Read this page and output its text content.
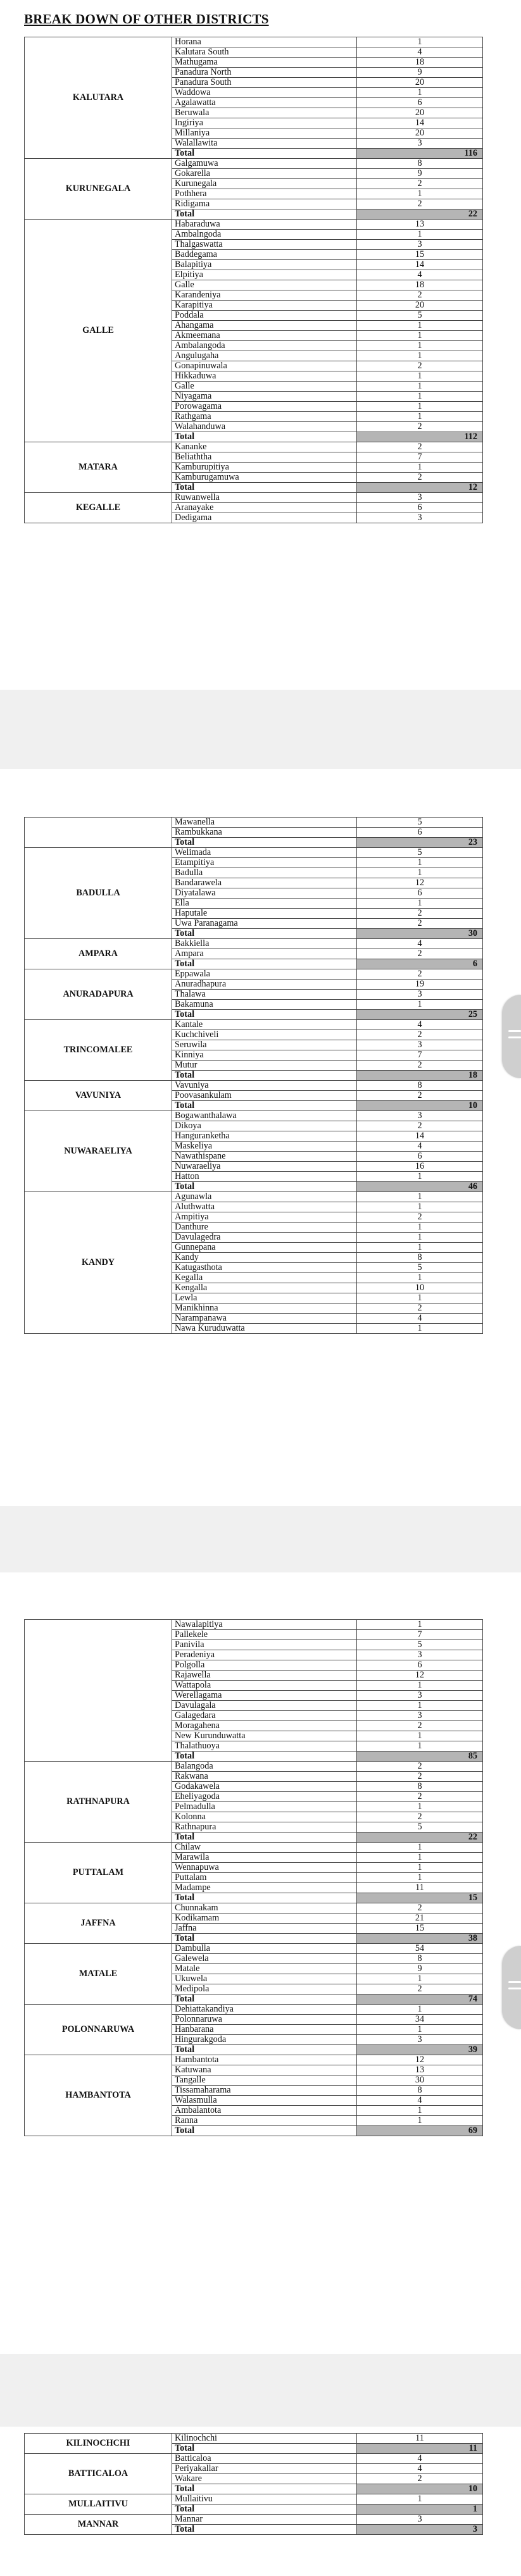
BREAK DOWN OF OTHER DISTRICTS
KALUTARA	Horana	1
	Kalutara South	4
	Mathugama	18
	Panadura North	9
	Panadura South	20
	Waddowa	1
	Agalawatta	6
	Beruwala	20
	Ingiriya	14
	Millaniya	20
	Walallawita	3
	Total	116
KURUNEGALA	Galgamuwa	8
	Gokarella	9
	Kurunegala	2
	Pothhera	1
	Ridigama	2
	Total	22
GALLE	Habaraduwa	13
	Ambalngoda	1
	Thalgaswatta	3
	Baddegama	15
	Balapitiya	14
	Elpitiya	4
	Galle	18
	Karandeniya	2
	Karapitiya	20
	Poddala	5
	Ahangama	1
	Akmeemana	1
	Ambalangoda	1
	Angulugaha	1
	Gonapinuwala	2
	Hikkaduwa	1
	Galle	1
	Niyagama	1
	Porowagama	1
	Rathgama	1
	Walahanduwa	2
	Total	112
MATARA	Kananke	2
	Beliaththa	7
	Kamburupitiya	1
	Kamburugamuwa	2
	Total	12
KEGALLE	Ruwanwella	3
	Aranayake	6
	Dedigama	3
	Mawanella	5
	Rambukkana	6
	Total	23
BADULLA	Welimada	5
	Etampitiya	1
	Badulla	1
	Bandarawela	12
	Diyatalawa	6
	Ella	1
	Haputale	2
	Uwa Paranagama	2
	Total	30
AMPARA	Bakkiella	4
	Ampara	2
	Total	6
ANURADAPURA	Eppawala	2
	Anuradhapura	19
	Thalawa	3
	Bakamuna	1
	Total	25
TRINCOMALEE	Kantale	4
	Kuchchiveli	2
	Seruwila	3
	Kinniya	7
	Mutur	2
	Total	18
VAVUNIYA	Vavuniya	8
	Poovasankulam	2
	Total	10
NUWARAELIYA	Bogawanthalawa	3
	Dikoya	2
	Hanguranketha	14
	Maskeliya	4
	Nawathispane	6
	Nuwaraeliya	16
	Hatton	1
	Total	46
KANDY	Agunawla	1
	Aluthwatta	1
	Ampitiya	2
	Danthure	1
	Davulagedra	1
	Gunnepana	1
	Kandy	8
	Katugasthota	5
	Kegalla	1
	Kengalla	10
	Lewla	1
	Manikhinna	2
	Narampanawa	4
	Nawa Kuruduwatta	1
	Nawalapitiya	1
	Pallekele	7
	Panivila	5
	Peradeniya	3
	Polgolla	6
	Rajawella	12
	Wattapola	1
	Werellagama	3
	Davulagala	1
	Galagedara	3
	Moragahena	2
	New Kurunduwatta	1
	Thalathuoya	1
	Total	85
RATHNAPURA	Balangoda	2
	Rakwana	2
	Godakawela	8
	Eheliyagoda	2
	Pelmadulla	1
	Kolonna	2
	Rathnapura	5
	Total	22
PUTTALAM	Chilaw	1
	Marawila	1
	Wennapuwa	1
	Puttalam	1
	Madampe	11
	Total	15
JAFFNA	Chunnakam	2
	Kodikamam	21
	Jaffna	15
	Total	38
MATALE	Dambulla	54
	Galewela	8
	Matale	9
	Ukuwela	1
	Medipola	2
	Total	74
POLONNARUWA	Dehiattakandiya	1
	Polonnaruwa	34
	Hanbarana	1
	Hingurakgoda	3
	Total	39
HAMBANTOTA	Hambantota	12
	Katuwana	13
	Tangalle	30
	Tissamaharama	8
	Walasmulla	4
	Ambalantota	1
	Ranna	1
	Total	69
KILINOCHCHI	Kilinochchi	11
	Total	11
BATTICALOA	Batticaloa	4
	Periyakallar	4
	Wakare	2
	Total	10
MULLAITIVU	Mullaitivu	1
	Total	1
MANNAR	Mannar	3
	Total	3
